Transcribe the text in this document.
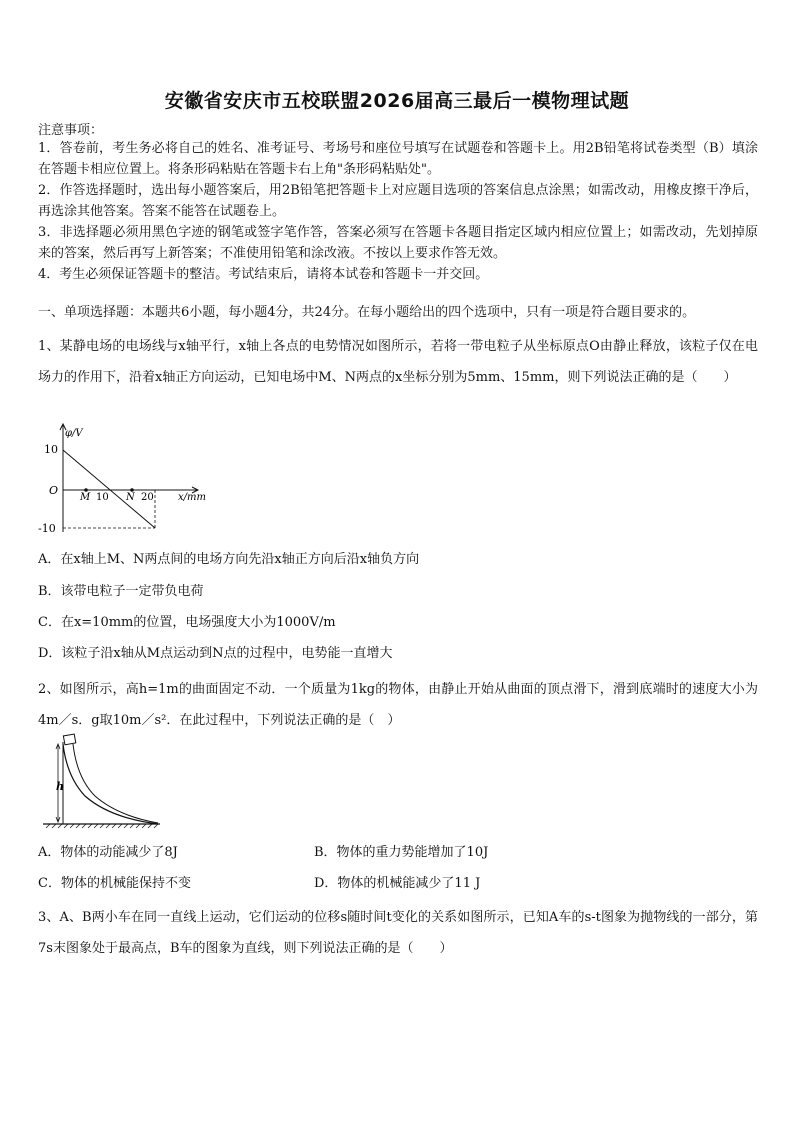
安徽省安庆市五校联盟2026届高三最后一模物理试题
注意事项：
1．答卷前，考生务必将自己的姓名、准考证号、考场号和座位号填写在试题卷和答题卡上。用2B铅笔将试卷类型（B）填涂在答题卡相应位置上。将条形码粘贴在答题卡右上角"条形码粘贴处"。
2．作答选择题时，选出每小题答案后，用2B铅笔把答题卡上对应题目选项的答案信息点涂黑；如需改动，用橡皮擦干净后，再选涂其他答案。答案不能答在试题卷上。
3．非选择题必须用黑色字迹的钢笔或签字笔作答，答案必须写在答题卡各题目指定区域内相应位置上；如需改动，先划掉原来的答案，然后再写上新答案；不准使用铅笔和涂改液。不按以上要求作答无效。
4．考生必须保证答题卡的整洁。考试结束后，请将本试卷和答题卡一并交回。
一、单项选择题：本题共6小题，每小题4分，共24分。在每小题给出的四个选项中，只有一项是符合题目要求的。
1、某静电场的电场线与x轴平行，x轴上各点的电势情况如图所示，若将一带电粒子从坐标原点O由静止释放，该粒子仅在电场力的作用下，沿着x轴正方向运动，已知电场中M、N两点的x坐标分别为5mm、15mm，则下列说法正确的是（　　）
φ/V
10
-10
O
M 10 N 20 x/mm
A．在x轴上M、N两点间的电场方向先沿x轴正方向后沿x轴负方向
B．该带电粒子一定带负电荷
C．在x=10mm的位置，电场强度大小为1000V/m
D．该粒子沿x轴从M点运动到N点的过程中，电势能一直增大
2、如图所示，高h=1m的曲面固定不动．一个质量为1kg的物体，由静止开始从曲面的顶点滑下，滑到底端时的速度大小为4m／s．g取10m／s²．在此过程中，下列说法正确的是（　）
h
A．物体的动能减少了8J	B．物体的重力势能增加了10J
C．物体的机械能保持不变	D．物体的机械能减少了11 J
3、A、B两小车在同一直线上运动，它们运动的位移s随时间t变化的关系如图所示，已知A车的s-t图象为抛物线的一部分，第7s末图象处于最高点，B车的图象为直线，则下列说法正确的是（　　）
